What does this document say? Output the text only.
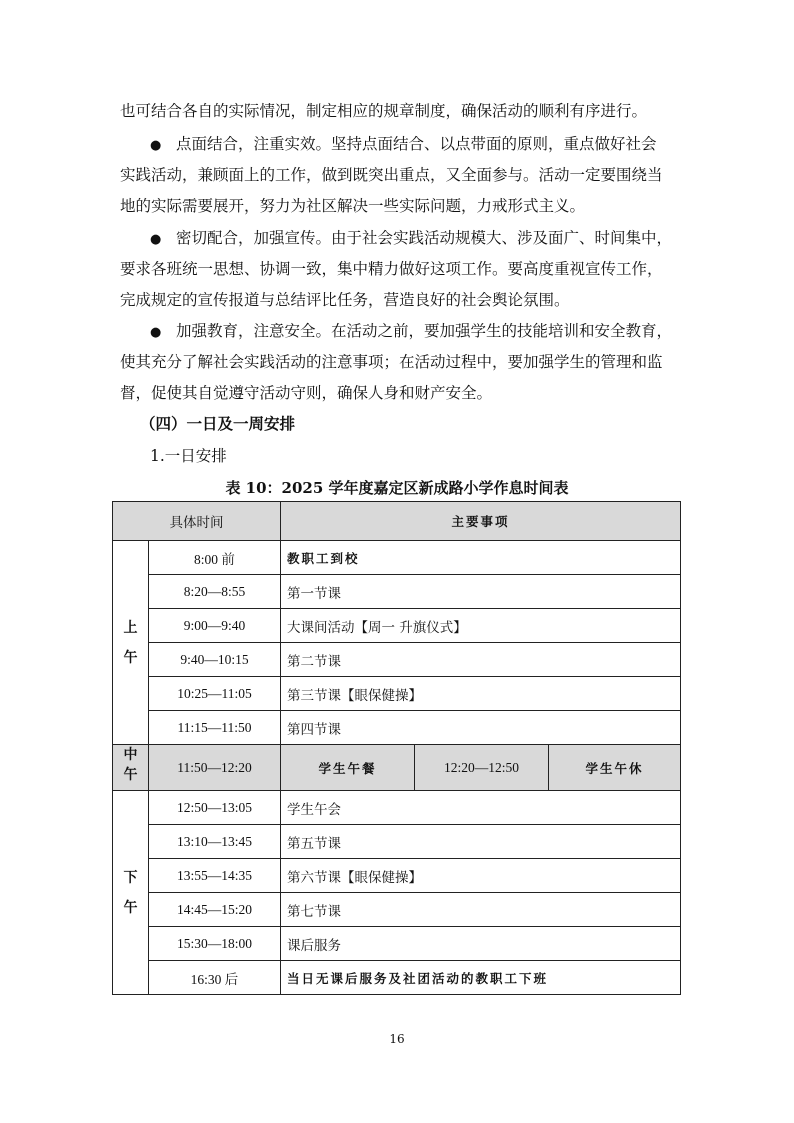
也可结合各自的实际情况，制定相应的规章制度，确保活动的顺利有序进行。
● 点面结合，注重实效。坚持点面结合、以点带面的原则，重点做好社会
实践活动，兼顾面上的工作，做到既突出重点，又全面参与。活动一定要围绕当
地的实际需要展开，努力为社区解决一些实际问题，力戒形式主义。
● 密切配合，加强宣传。由于社会实践活动规模大、涉及面广、时间集中，
要求各班统一思想、协调一致，集中精力做好这项工作。要高度重视宣传工作，
完成规定的宣传报道与总结评比任务，营造良好的社会舆论氛围。
● 加强教育，注意安全。在活动之前，要加强学生的技能培训和安全教育，
使其充分了解社会实践活动的注意事项；在活动过程中，要加强学生的管理和监
督，促使其自觉遵守活动守则，确保人身和财产安全。
（四）一日及一周安排
1.一日安排
表 10：2025 学年度嘉定区新成路小学作息时间表
具体时间		主要事项		
上午	8:00 前	教职工到校		
	8:20—8:55	第一节课		
	9:00—9:40	大课间活动【周一 升旗仪式】		
	9:40—10:15	第二节课		
	10:25—11:05	第三节课【眼保健操】		
	11:15—11:50	第四节课		
中午	11:50—12:20	学生午餐	12:20—12:50	学生午休
下午	12:50—13:05	学生午会		
	13:10—13:45	第五节课		
	13:55—14:35	第六节课【眼保健操】		
	14:45—15:20	第七节课		
	15:30—18:00	课后服务		
	16:30 后	当日无课后服务及社团活动的教职工下班		
16
